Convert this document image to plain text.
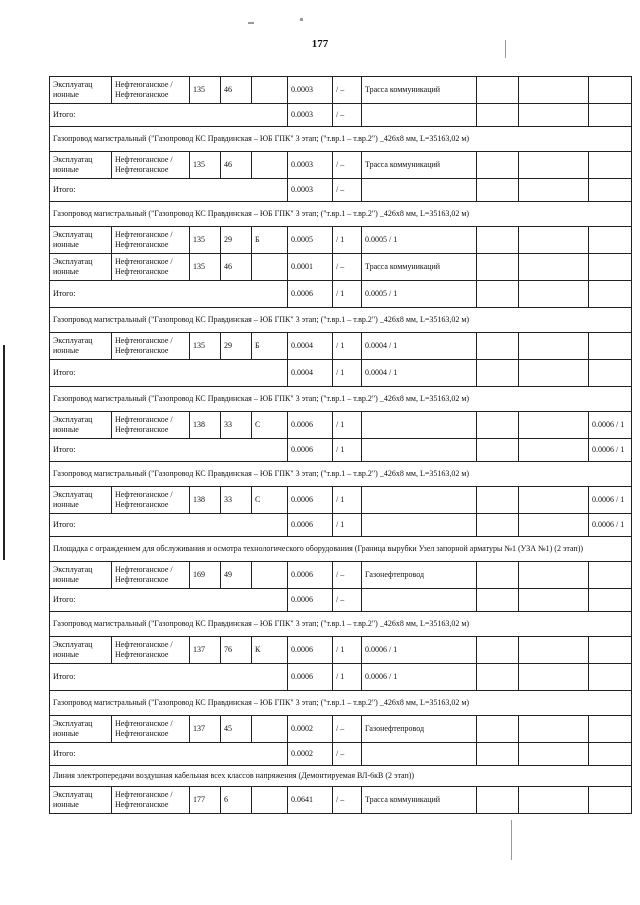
177
Эксплуатац ионные	Нефтеюганское / Нефтеюганское	135	46		0.0003	/ –	Трасса коммуникаций			
Итого:					0.0003	/ –				
Газопровод магистральный ("Газопровод КС Правдинская – ЮБ ГПК" 3 этап; ("т.вр.1 – т.вр.2") _426х8 мм, L=35163,02 м)										
Эксплуатац ионные	Нефтеюганское / Нефтеюганское	135	46		0.0003	/ –	Трасса коммуникаций			
Итого:					0.0003	/ –				
Газопровод магистральный ("Газопровод КС Правдинская – ЮБ ГПК" 3 этап; ("т.вр.1 – т.вр.2") _426х8 мм, L=35163,02 м)										
Эксплуатац ионные	Нефтеюганское / Нефтеюганское	135	29	Б	0.0005	/ 1	0.0005 / 1			
Эксплуатац ионные	Нефтеюганское / Нефтеюганское	135	46		0.0001	/ –	Трасса коммуникаций			
Итого:					0.0006	/ 1	0.0005 / 1			
Газопровод магистральный ("Газопровод КС Правдинская – ЮБ ГПК" 3 этап; ("т.вр.1 – т.вр.2") _426х8 мм, L=35163,02 м)										
Эксплуатац ионные	Нефтеюганское / Нефтеюганское	135	29	Б	0.0004	/ 1	0.0004 / 1			
Итого:					0.0004	/ 1	0.0004 / 1			
Газопровод магистральный ("Газопровод КС Правдинская – ЮБ ГПК" 3 этап; ("т.вр.1 – т.вр.2") _426х8 мм, L=35163,02 м)										
Эксплуатац ионные	Нефтеюганское / Нефтеюганское	138	33	С	0.0006	/ 1				0.0006 / 1
Итого:					0.0006	/ 1				0.0006 / 1
Газопровод магистральный ("Газопровод КС Правдинская – ЮБ ГПК" 3 этап; ("т.вр.1 – т.вр.2") _426х8 мм, L=35163,02 м)										
Эксплуатац ионные	Нефтеюганское / Нефтеюганское	138	33	С	0.0006	/ 1				0.0006 / 1
Итого:					0.0006	/ 1				0.0006 / 1
Площадка с ограждением для обслуживания и осмотра технологического оборудования (Граница вырубки Узел запорной арматуры №1 (УЗА №1) (2 этап))										
Эксплуатац ионные	Нефтеюганское / Нефтеюганское	169	49		0.0006	/ –	Газонефтепровод			
Итого:					0.0006	/ –				
Газопровод магистральный ("Газопровод КС Правдинская – ЮБ ГПК" 3 этап; ("т.вр.1 – т.вр.2") _426х8 мм, L=35163,02 м)										
Эксплуатац ионные	Нефтеюганское / Нефтеюганское	137	76	К	0.0006	/ 1	0.0006 / 1			
Итого:					0.0006	/ 1	0.0006 / 1			
Газопровод магистральный ("Газопровод КС Правдинская – ЮБ ГПК" 3 этап; ("т.вр.1 – т.вр.2") _426х8 мм, L=35163,02 м)										
Эксплуатац ионные	Нефтеюганское / Нефтеюганское	137	45		0.0002	/ –	Газонефтепровод			
Итого:					0.0002	/ –				
Линия электропередачи воздушная кабельная всех классов напряжения (Демонтируемая ВЛ-6кВ (2 этап))										
Эксплуатац ионные	Нефтеюганское / Нефтеюганское	177	6		0.0641	/ –	Трасса коммуникаций			
